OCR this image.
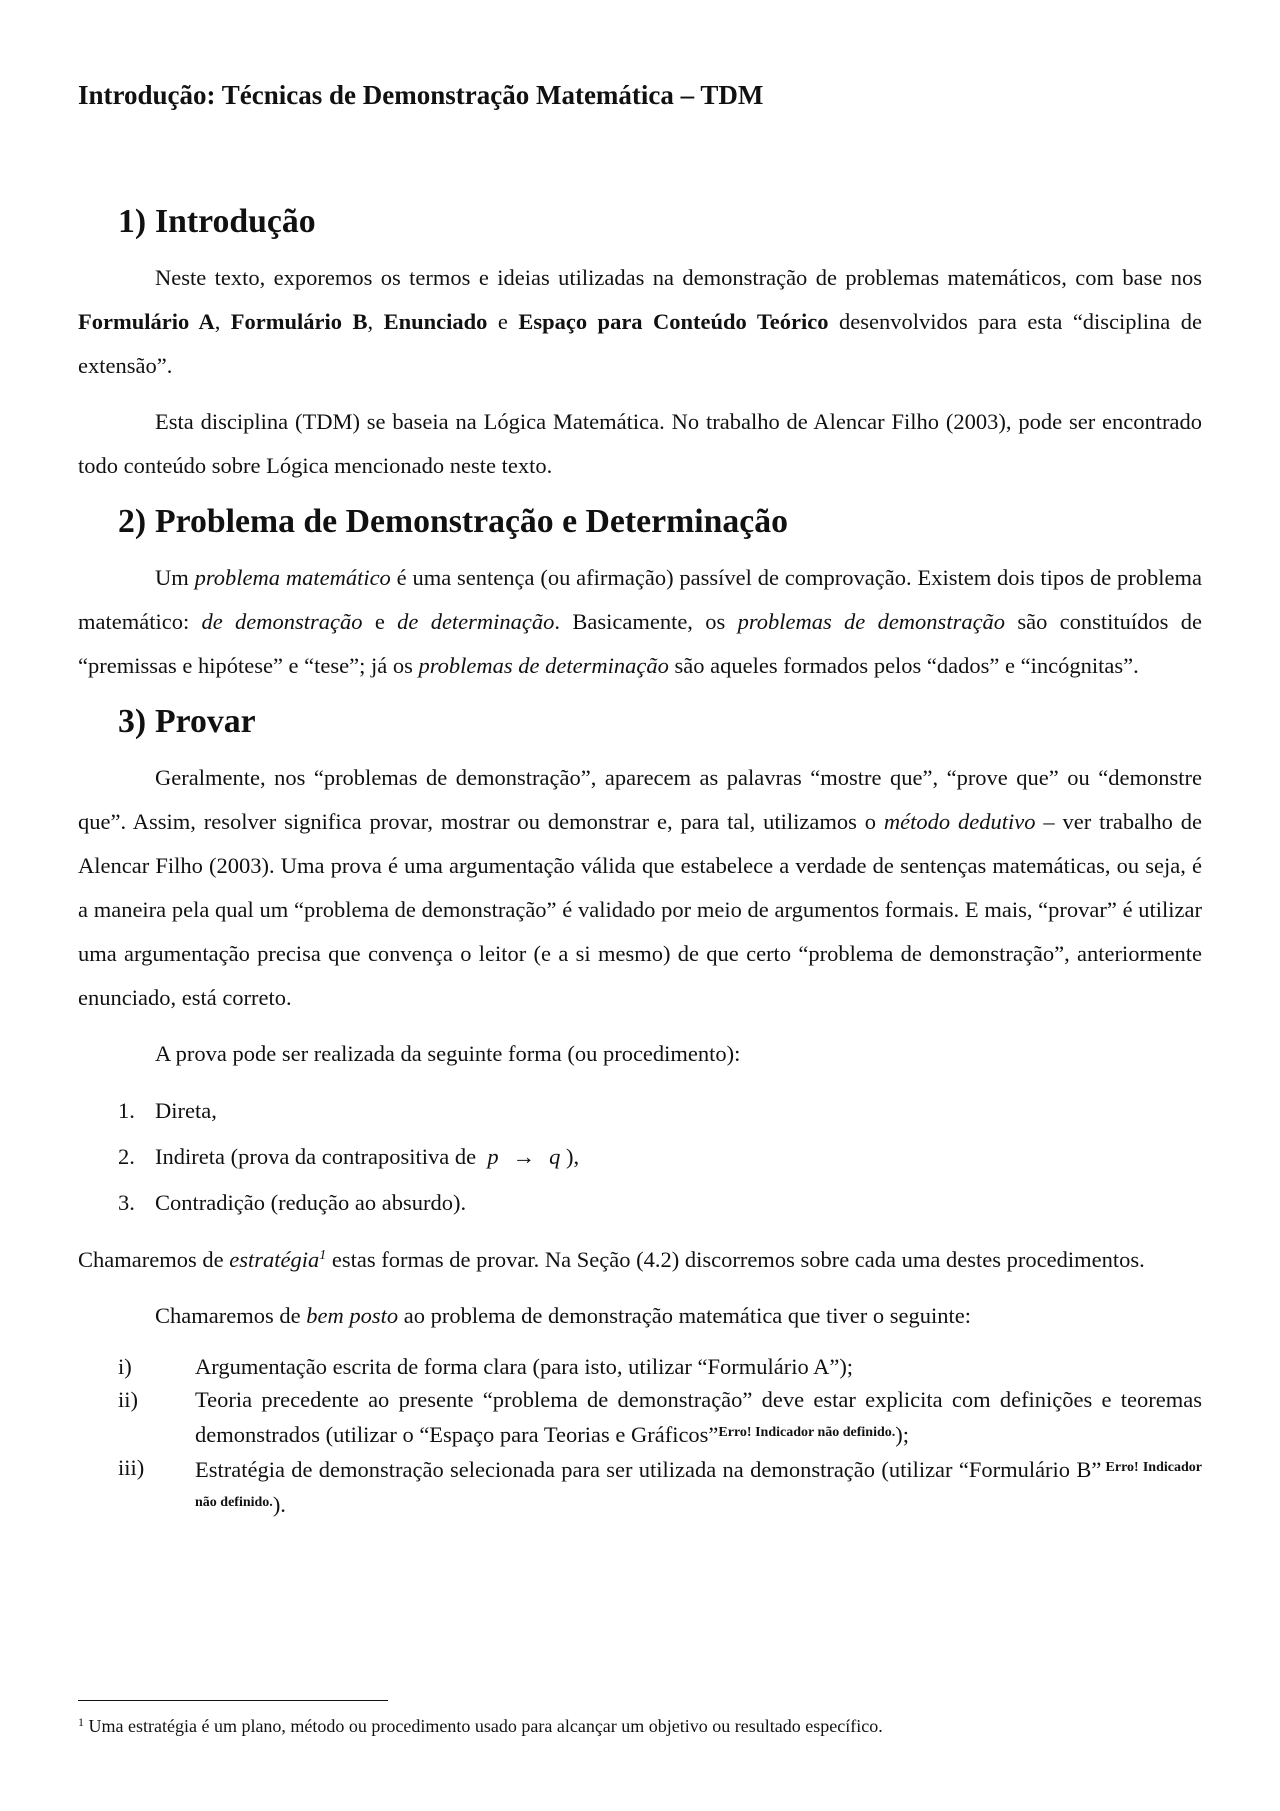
Introdução: Técnicas de Demonstração Matemática – TDM
1) Introdução

Neste texto, exporemos os termos e ideias utilizadas na demonstração de problemas matemáticos, com base nos Formulário A, Formulário B, Enunciado e Espaço para Conteúdo Teórico desenvolvidos para esta “disciplina de extensão”.

Esta disciplina (TDM) se baseia na Lógica Matemática. No trabalho de Alencar Filho (2003), pode ser encontrado todo conteúdo sobre Lógica mencionado neste texto.

2) Problema de Demonstração e Determinação

Um problema matemático é uma sentença (ou afirmação) passível de comprovação. Existem dois tipos de problema matemático: de demonstração e de determinação. Basicamente, os problemas de demonstração são constituídos de “premissas e hipótese” e “tese”; já os problemas de determinação são aqueles formados pelos “dados” e “incógnitas”.

3) Provar

Geralmente, nos “problemas de demonstração”, aparecem as palavras “mostre que”, “prove que” ou “demonstre que”. Assim, resolver significa provar, mostrar ou demonstrar e, para tal, utilizamos o método dedutivo – ver trabalho de Alencar Filho (2003). Uma prova é uma argumentação válida que estabelece a verdade de sentenças matemáticas, ou seja, é a maneira pela qual um “problema de demonstração” é validado por meio de argumentos formais. E mais, “provar” é utilizar uma argumentação precisa que convença o leitor (e a si mesmo) de que certo “problema de demonstração”, anteriormente enunciado, está correto.

A prova pode ser realizada da seguinte forma (ou procedimento):

1. Direta,
2. Indireta (prova da contrapositiva de p → q ),
3. Contradição (redução ao absurdo).

Chamaremos de estratégia$^1$ estas formas de provar. Na Seção (4.2) discorremos sobre cada uma destes procedimentos.

Chamaremos de bem posto ao problema de demonstração matemática que tiver o seguinte:

i)	Argumentação escrita de forma clara (para isto, utilizar “Formulário A”);
ii)	Teoria precedente ao presente “problema de demonstração” deve estar explicita com definições e teoremas demonstrados (utilizar o “Espaço para Teorias e Gráficos”$^{Erro! Indicador não definido.}$);
iii)	Estratégia de demonstração selecionada para ser utilizada na demonstração (utilizar “Formulário B” $^{Erro! Indicador não definido.}$).

$^1$ Uma estratégia é um plano, método ou procedimento usado para alcançar um objetivo ou resultado específico.
